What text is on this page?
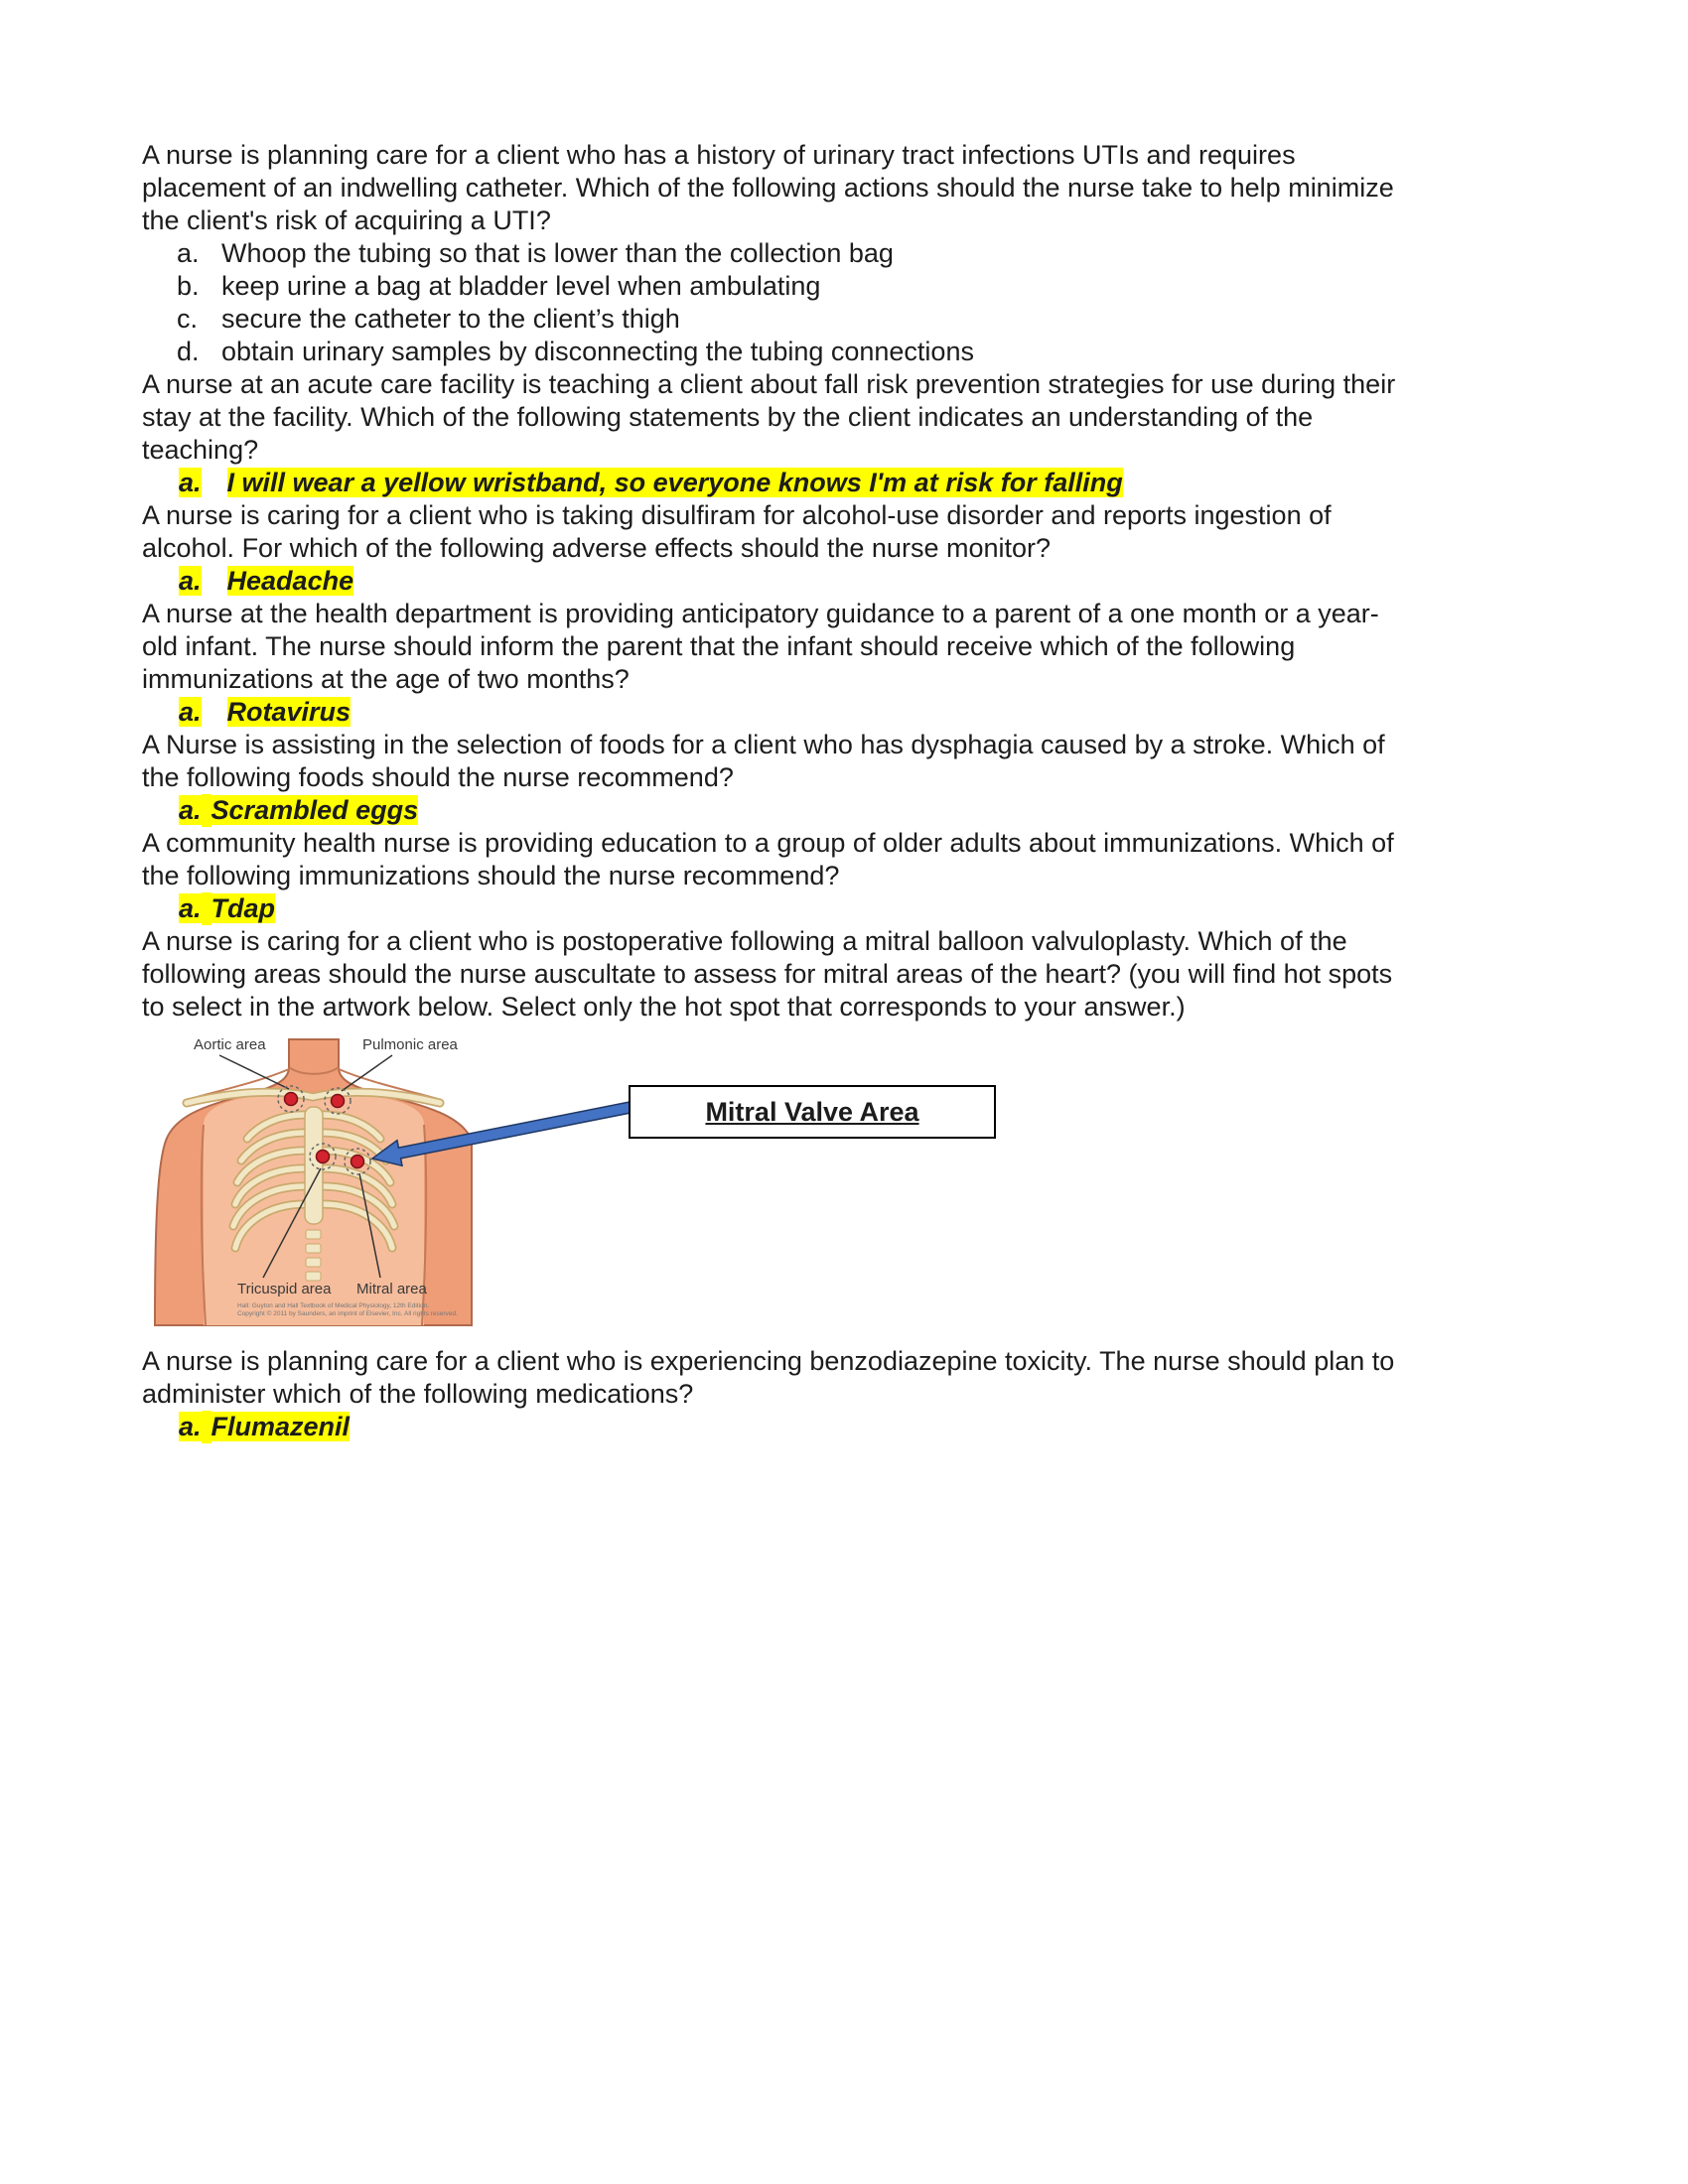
A nurse is planning care for a client who has a history of urinary tract infections UTIs and requires placement of an indwelling catheter. Which of the following actions should the nurse take to help minimize the client's risk of acquiring a UTI?
a. Whoop the tubing so that is lower than the collection bag
b. keep urine a bag at bladder level when ambulating
c. secure the catheter to the client’s thigh
d. obtain urinary samples by disconnecting the tubing connections
A nurse at an acute care facility is teaching a client about fall risk prevention strategies for use during their stay at the facility. Which of the following statements by the client indicates an understanding of the teaching?
a. I will wear a yellow wristband, so everyone knows I'm at risk for falling
A nurse is caring for a client who is taking disulfiram for alcohol-use disorder and reports ingestion of alcohol. For which of the following adverse effects should the nurse monitor?
a. Headache
A nurse at the health department is providing anticipatory guidance to a parent of a one month or a year-old infant. The nurse should inform the parent that the infant should receive which of the following immunizations at the age of two months?
a. Rotavirus
A Nurse is assisting in the selection of foods for a client who has dysphagia caused by a stroke. Which of the following foods should the nurse recommend?
a. Scrambled eggs
A community health nurse is providing education to a group of older adults about immunizations. Which of the following immunizations should the nurse recommend?
a. Tdap
A nurse is caring for a client who is postoperative following a mitral balloon valvuloplasty. Which of the following areas should the nurse auscultate to assess for mitral areas of the heart? (you will find hot spots to select in the artwork below. Select only the hot spot that corresponds to your answer.)
Aortic area	Pulmonic area
Tricuspid area Mitral area
Hall: Guyton and Hall Textbook of Medical Physiology, 12th Edition.
Copyright © 2011 by Saunders, an imprint of Elsevier, Inc. All rights reserved.
Mitral Valve Area
A nurse is planning care for a client who is experiencing benzodiazepine toxicity. The nurse should plan to administer which of the following medications?
a. Flumazenil
